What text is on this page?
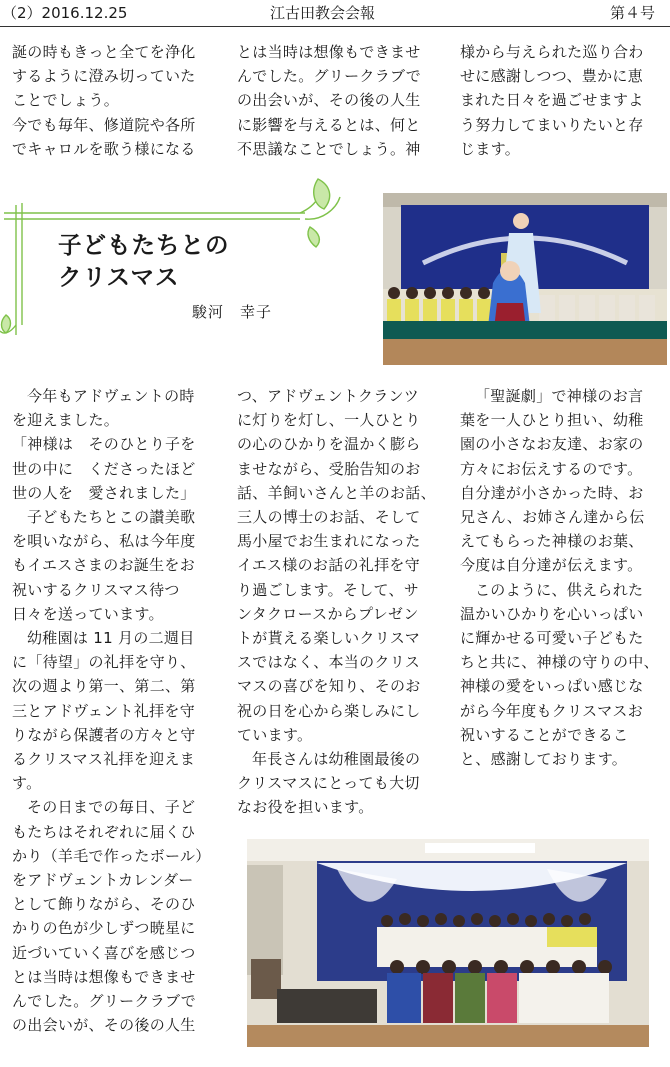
（2）2016.12.25	江古田教会会報	第４号

誕の時もきっと全てを浄化

するように澄み切っていた

ことでしょう。

今でも毎年、修道院や各所

でキャロルを歌う様になる

とは当時は想像もできませ

んでした。グリークラブで

の出会いが、その後の人生

に影響を与えるとは、何と

不思議なことでしょう。神

様から与えられた巡り合わ

せに感謝しつつ、豊かに恵

まれた日々を過ごせますよ

う努力してまいりたいと存

じます。

子どもたちとの
クリスマス
駿河　幸子

今年もアドヴェントの時

を迎えました。

「神様は　そのひとり子を

世の中に　くださったほど

世の人を　愛されました」

子どもたちとこの讃美歌

を唄いながら、私は今年度

もイエスさまのお誕生をお

祝いするクリスマス待つ

日々を送っています。

幼稚園は 11 月の二週目

に「待望」の礼拝を守り、

次の週より第一、第二、第

三とアドヴェント礼拝を守

りながら保護者の方々と守

るクリスマス礼拝を迎えま

す。

その日までの毎日、子ど

もたちはそれぞれに届くひ

かり（羊毛で作ったボール）

をアドヴェントカレンダー

として飾りながら、そのひ

かりの色が少しずつ暁星に

近づいていく喜びを感じつ

とは当時は想像もできませ

んでした。グリークラブで

の出会いが、その後の人生

つ、アドヴェントクランツ

に灯りを灯し、一人ひとり

の心のひかりを温かく膨ら

ませながら、受胎告知のお

話、羊飼いさんと羊のお話、

三人の博士のお話、そして

馬小屋でお生まれになった

イエス様のお話の礼拝を守

り過ごします。そして、サ

ンタクロースからプレゼン

トが貰える楽しいクリスマ

スではなく、本当のクリス

マスの喜びを知り、そのお

祝の日を心から楽しみにし

ています。

年長さんは幼稚園最後の

クリスマスにとっても大切

なお役を担います。

「聖誕劇」で神様のお言

葉を一人ひとり担い、幼稚

園の小さなお友達、お家の

方々にお伝えするのです。

自分達が小さかった時、お

兄さん、お姉さん達から伝

えてもらった神様のお葉、

今度は自分達が伝えます。

このように、供えられた

温かいひかりを心いっぱい

に輝かせる可愛い子どもた

ちと共に、神様の守りの中、

神様の愛をいっぱい感じな

がら今年度もクリスマスお

祝いすることができるこ

と、感謝しております。
